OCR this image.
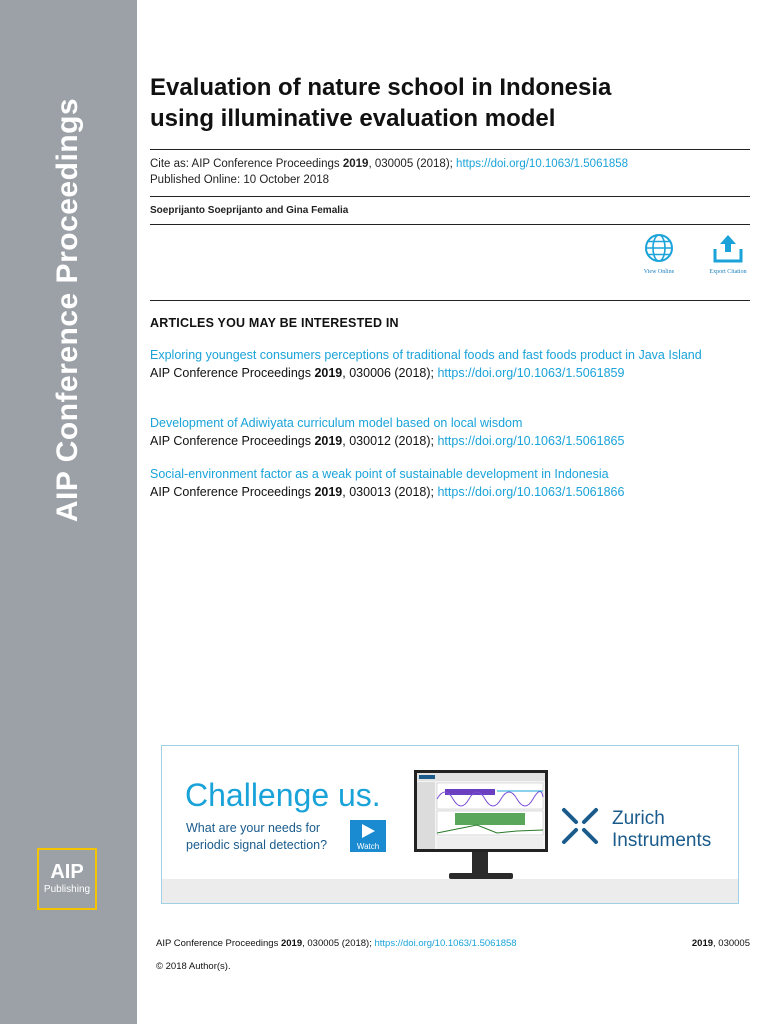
AIP Conference Proceedings
AIP
Publishing
Evaluation of nature school in Indonesia
using illuminative evaluation model
Cite as: AIP Conference Proceedings 2019, 030005 (2018); https://doi.org/10.1063/1.5061858
Published Online: 10 October 2018
Soeprijanto Soeprijanto and Gina Femalia
View Online	Export Citation
ARTICLES YOU MAY BE INTERESTED IN
Exploring youngest consumers perceptions of traditional foods and fast foods product in Java Island
AIP Conference Proceedings 2019, 030006 (2018); https://doi.org/10.1063/1.5061859
Development of Adiwiyata curriculum model based on local wisdom
AIP Conference Proceedings 2019, 030012 (2018); https://doi.org/10.1063/1.5061865
Social-environment factor as a weak point of sustainable development in Indonesia
AIP Conference Proceedings 2019, 030013 (2018); https://doi.org/10.1063/1.5061866
Challenge us.
What are your needs for
periodic signal detection?	Watch
Zurich
Instruments
AIP Conference Proceedings 2019, 030005 (2018); https://doi.org/10.1063/1.5061858	2019, 030005
© 2018 Author(s).
